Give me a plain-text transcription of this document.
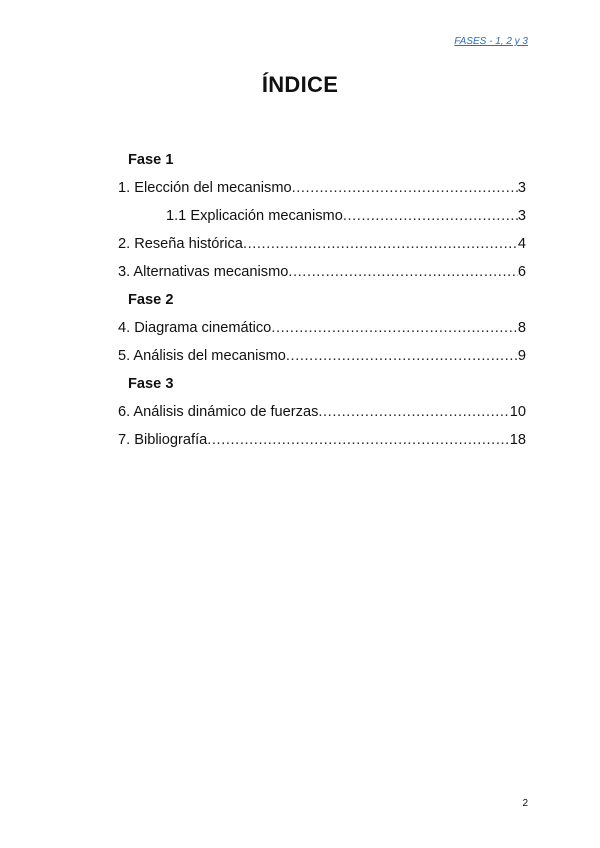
FASES - 1, 2 y 3
ÍNDICE
Fase 1
1. Elección del mecanismo .....	3
1.1 Explicación mecanismo .....	3
2. Reseña histórica .....	4
3. Alternativas mecanismo .....	6
Fase 2
4. Diagrama cinemático .....	8
5. Análisis del mecanismo .....	9
Fase 3
6. Análisis dinámico de fuerzas .....	10
7. Bibliografía .....	18
2
